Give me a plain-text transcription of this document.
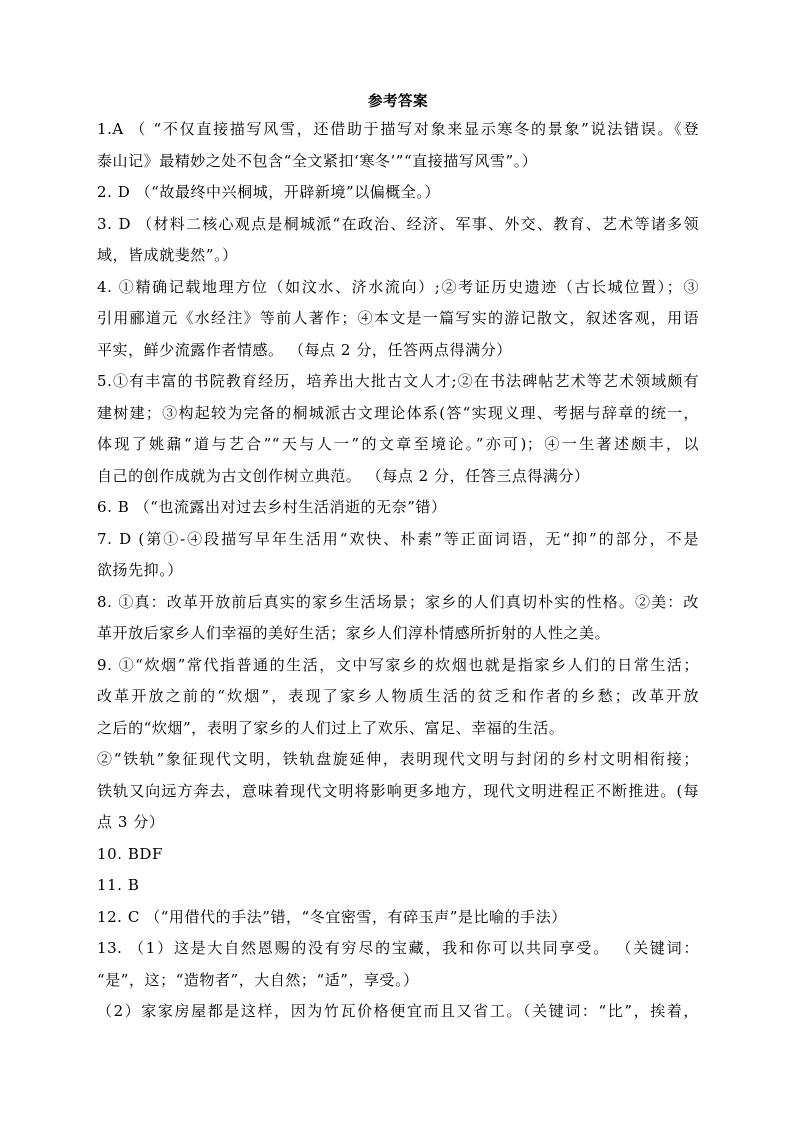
参考答案
1.A （ “不仅直接描写风雪，还借助于描写对象来显示寒冬的景象”说法错误。《登
泰山记》最精妙之处不包含“全文紧扣‘寒冬’”“直接描写风雪”。）
2. D （“故最终中兴桐城，开辟新境”以偏概全。）
3. D （材料二核心观点是桐城派“在政治、经济、军事、外交、教育、艺术等诸多领
域，皆成就斐然”。）
4. ①精确记载地理方位（如汶水、济水流向）;②考证历史遗迹（古长城位置）；③
引用郦道元《水经注》等前人著作；④本文是一篇写实的游记散文，叙述客观，用语
平实，鲜少流露作者情感。 （每点 2 分，任答两点得满分）
5.①有丰富的书院教育经历，培养出大批古文人才;②在书法碑帖艺术等艺术领域颇有
建树建；③构起较为完备的桐城派古文理论体系(答“实现义理、考据与辞章的统一，
体现了姚鼐“道与艺合”“天与人一”的文章至境论。”亦可)；④一生著述颇丰，以
自己的创作成就为古文创作树立典范。 （每点 2 分，任答三点得满分）
6. B （“也流露出对过去乡村生活消逝的无奈”错）
7. D (第①-④段描写早年生活用“欢快、朴素”等正面词语，无“抑”的部分，不是
欲扬先抑。）
8. ①真：改革开放前后真实的家乡生活场景；家乡的人们真切朴实的性格。②美：改
革开放后家乡人们幸福的美好生活；家乡人们淳朴情感所折射的人性之美。
9. ①“炊烟”常代指普通的生活，文中写家乡的炊烟也就是指家乡人们的日常生活；
改革开放之前的“炊烟”，表现了家乡人物质生活的贫乏和作者的乡愁；改革开放
之后的“炊烟”，表明了家乡的人们过上了欢乐、富足、幸福的生活。
②“铁轨”象征现代文明，铁轨盘旋延伸，表明现代文明与封闭的乡村文明相衔接；
铁轨又向远方奔去，意味着现代文明将影响更多地方，现代文明进程正不断推进。(每
点 3 分）
10. BDF
11. B
12. C （“用借代的手法”错，“冬宜密雪，有碎玉声”是比喻的手法）
13. （1）这是大自然恩赐的没有穷尽的宝藏，我和你可以共同享受。 （关键词：
“是”，这；“造物者”，大自然；“适”，享受。）
（2）家家房屋都是这样，因为竹瓦价格便宜而且又省工。（关键词：“比”，挨着，
